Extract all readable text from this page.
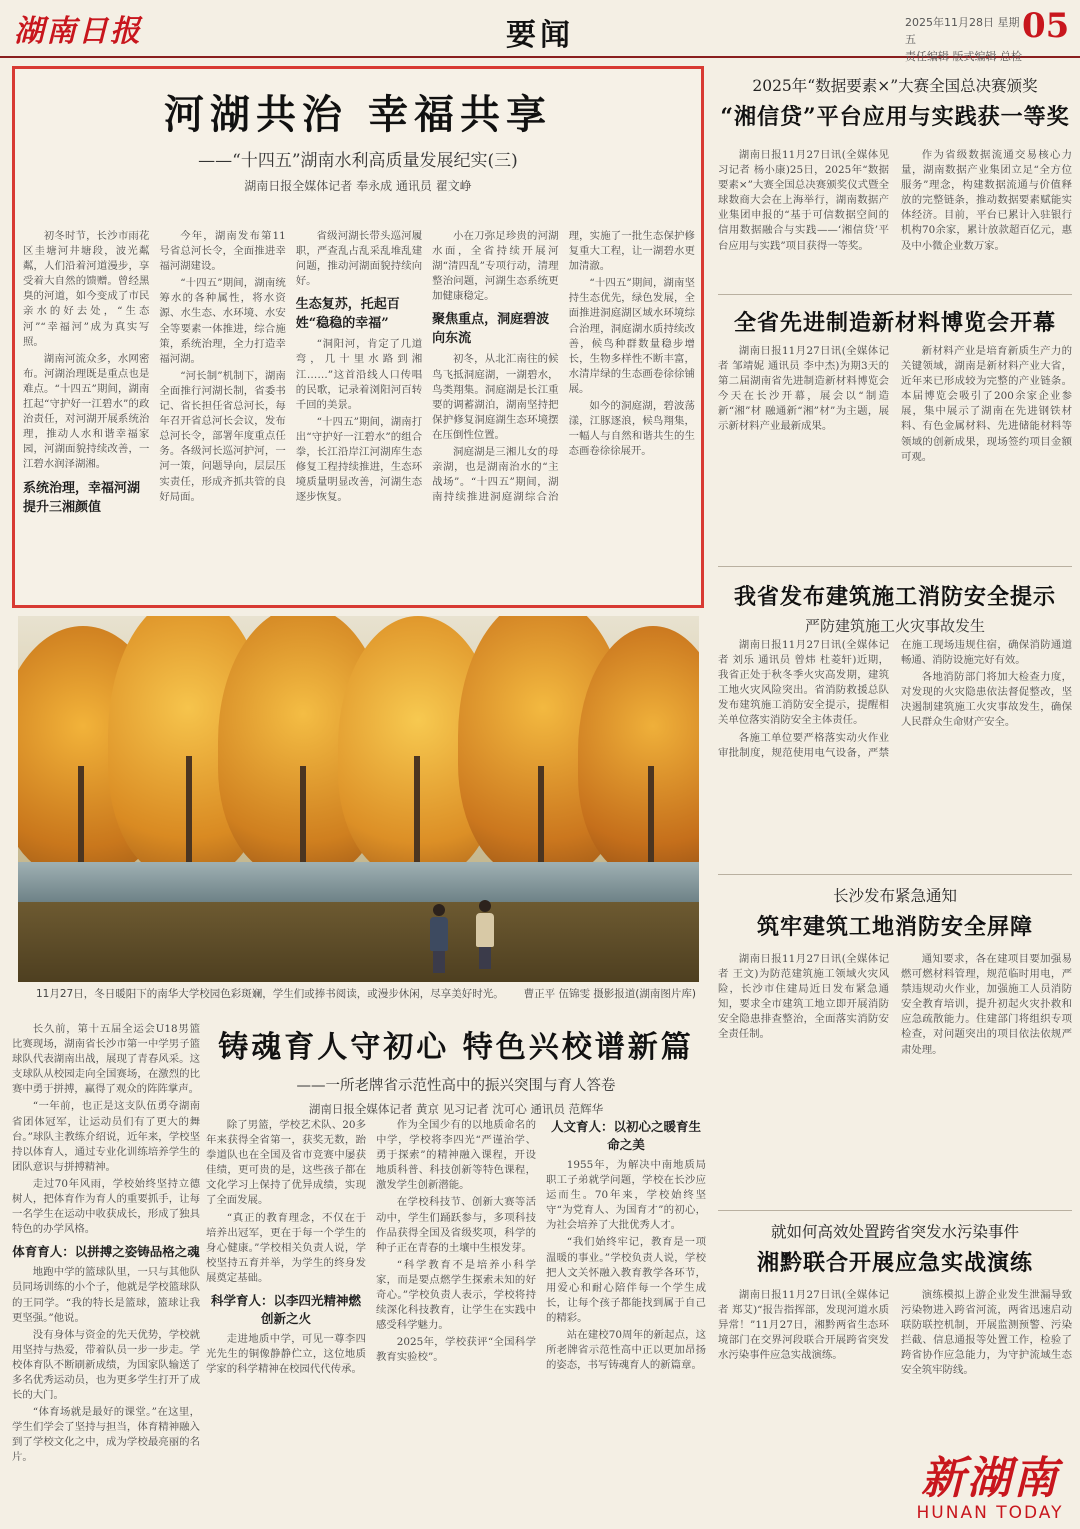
湖南日报	要闻	2025年11月28日 星期五
责任编辑 版式编辑 总检
05
河湖共治 幸福共享
——“十四五”湖南水利高质量发展纪实(三)
湖南日报全媒体记者 奉永成 通讯员 翟文峥

初冬时节，长沙市雨花区圭塘河井塘段，波光粼粼，人们沿着河道漫步，享受着大自然的馈赠。曾经黑臭的河道，如今变成了市民亲水的好去处，“生态河”“幸福河”成为真实写照。

湖南河流众多，水网密布。河湖治理既是重点也是难点。“十四五”期间，湖南扛起“守护好一江碧水”的政治责任，对河湖开展系统治理，推动人水和谐幸福家园，河湖面貌持续改善，一江碧水润泽湖湘。

系统治理，幸福河湖提升三湘颜值

今年，湖南发布第11号省总河长令，全面推进幸福河湖建设。

“十四五”期间，湖南统筹水的各种属性，将水资源、水生态、水环境、水安全等要素一体推进，综合施策，系统治理，全力打造幸福河湖。

“河长制”机制下，湖南全面推行河湖长制，省委书记、省长担任省总河长，每年召开省总河长会议，发布总河长令，部署年度重点任务。各级河长巡河护河，一河一策，问题导向，层层压实责任，形成齐抓共管的良好局面。

省级河湖长带头巡河履职，严查乱占乱采乱堆乱建问题，推动河湖面貌持续向好。

生态复苏，托起百姓“稳稳的幸福”

“洞阳河，肯定了几道弯，几十里水路到湘江……”这首沿线人口传唱的民歌，记录着浏阳河百转千回的美景。

“十四五”期间，湖南打出“守护好一江碧水”的组合拳，长江沿岸江河湖库生态修复工程持续推进，生态环境质量明显改善，河湖生态逐步恢复。

小在刀弥足珍贵的河湖水面，全省持续开展河湖“清四乱”专项行动，清理整治问题，河湖生态系统更加健康稳定。

聚焦重点，洞庭碧波向东流

初冬，从北汇南往的候鸟飞抵洞庭湖，一湖碧水，鸟类翔集。洞庭湖是长江重要的调蓄湖泊，湖南坚持把保护修复洞庭湖生态环境摆在压倒性位置。

洞庭湖是三湘儿女的母亲湖，也是湖南治水的“主战场”。“十四五”期间，湖南持续推进洞庭湖综合治理，实施了一批生态保护修复重大工程，让一湖碧水更加清澈。

“十四五”期间，湖南坚持生态优先，绿色发展，全面推进洞庭湖区域水环境综合治理，洞庭湖水质持续改善，候鸟种群数量稳步增长，生物多样性不断丰富，水清岸绿的生态画卷徐徐铺展。

如今的洞庭湖，碧波荡漾，江豚逐浪，候鸟翔集，一幅人与自然和谐共生的生态画卷徐徐展开。

11月27日，冬日暖阳下的南华大学校园色彩斑斓，学生们或捧书阅读，或漫步休闲，尽享美好时光。 曹正平 伍锦雯 摄影报道(湖南图片库)

长久前，第十五届全运会U18男篮比赛现场，湖南省长沙市第一中学男子篮球队代表湖南出战，展现了青春风采。这支球队从校园走向全国赛场，在激烈的比赛中勇于拼搏，赢得了观众的阵阵掌声。

“一年前，也正是这支队伍勇夺湖南省团体冠军，让运动员们有了更大的舞台。”球队主教练介绍说，近年来，学校坚持以体育人，通过专业化训练培养学生的团队意识与拼搏精神。

走过70年风雨，学校始终坚持立德树人，把体育作为育人的重要抓手，让每一名学生在运动中收获成长，形成了独具特色的办学风格。

体育育人：以拼搏之姿铸品格之魂

地跑中学的篮球队里，一只与其他队员同场训练的小个子，他就是学校篮球队的王同学。“我的特长是篮球，篮球让我更坚强。”他说。

没有身体与资金的先天优势，学校就用坚持与热爱，带着队员一步一步走。学校体育队不断刷新成绩，为国家队输送了多名优秀运动员，也为更多学生打开了成长的大门。

“体育场就是最好的课堂。”在这里，学生们学会了坚持与担当，体育精神融入到了学校文化之中，成为学校最亮丽的名片。

铸魂育人守初心 特色兴校谱新篇
——一所老牌省示范性高中的振兴突围与育人答卷
湖南日报全媒体记者 黄京 见习记者 沈可心 通讯员 范辉华

除了男篮，学校艺术队、20多年来获得全省第一，获奖无数，跆拳道队也在全国及省市竞赛中屡获佳绩，更可贵的是，这些孩子都在文化学习上保持了优异成绩，实现了全面发展。

“真正的教育理念，不仅在于培养出冠军，更在于每一个学生的身心健康。”学校相关负责人说，学校坚持五育并举，为学生的终身发展奠定基础。

科学育人：以李四光精神燃创新之火

走进地质中学，可见一尊李四光先生的铜像静静伫立，这位地质学家的科学精神在校园代代传承。

作为全国少有的以地质命名的中学，学校将李四光“严谨治学、勇于探索”的精神融入课程，开设地质科普、科技创新等特色课程，激发学生创新潜能。

在学校科技节、创新大赛等活动中，学生们踊跃参与，多项科技作品获得全国及省级奖项，科学的种子正在青春的土壤中生根发芽。

“科学教育不是培养小科学家，而是要点燃学生探索未知的好奇心。”学校负责人表示，学校将持续深化科技教育，让学生在实践中感受科学魅力。

2025年，学校获评“全国科学教育实验校”。

人文育人：以初心之暖育生命之美

1955年，为解决中南地质局职工子弟就学问题，学校在长沙应运而生。70年来，学校始终坚守“为党育人、为国育才”的初心，为社会培养了大批优秀人才。

“我们始终牢记，教育是一项温暖的事业。”学校负责人说，学校把人文关怀融入教育教学各环节，用爱心和耐心陪伴每一个学生成长，让每个孩子都能找到属于自己的精彩。

站在建校70周年的新起点，这所老牌省示范性高中正以更加昂扬的姿态，书写铸魂育人的新篇章。

2025年“数据要素×”大赛全国总决赛颁奖
“湘信贷”平台应用与实践获一等奖

湖南日报11月27日讯(全媒体见习记者 杨小康)25日，2025年“数据要素×”大赛全国总决赛颁奖仪式暨全球数商大会在上海举行，湖南数据产业集团申报的“基于可信数据空间的信用数据融合与实践——‘湘信贷’平台应用与实践”项目获得一等奖。

作为省级数据流通交易核心力量，湖南数据产业集团立足“全方位服务”理念，构建数据流通与价值释放的完整链条，推动数据要素赋能实体经济。目前，平台已累计入驻银行机构70余家，累计放款超百亿元，惠及中小微企业数万家。

全省先进制造新材料博览会开幕

湖南日报11月27日讯(全媒体记者 邹靖妮 通讯员 李中杰)为期3天的第二届湖南省先进制造新材料博览会今天在长沙开幕，展会以“制造新“湘”材 融通新“湘”材”为主题，展示新材料产业最新成果。

新材料产业是培育新质生产力的关键领域，湖南是新材料产业大省，近年来已形成较为完整的产业链条。本届博览会吸引了200余家企业参展，集中展示了湖南在先进钢铁材料、有色金属材料、先进储能材料等领域的创新成果，现场签约项目金额可观。

我省发布建筑施工消防安全提示
严防建筑施工火灾事故发生

湖南日报11月27日讯(全媒体记者 刘乐 通讯员 曾炜 杜菱轩)近期，我省正处于秋冬季火灾高发期，建筑工地火灾风险突出。省消防救援总队发布建筑施工消防安全提示，提醒相关单位落实消防安全主体责任。

各施工单位要严格落实动火作业审批制度，规范使用电气设备，严禁在施工现场违规住宿，确保消防通道畅通、消防设施完好有效。

各地消防部门将加大检查力度，对发现的火灾隐患依法督促整改，坚决遏制建筑施工火灾事故发生，确保人民群众生命财产安全。

长沙发布紧急通知
筑牢建筑工地消防安全屏障

湖南日报11月27日讯(全媒体记者 王文)为防范建筑施工领域火灾风险，长沙市住建局近日发布紧急通知，要求全市建筑工地立即开展消防安全隐患排查整治，全面落实消防安全责任制。

通知要求，各在建项目要加强易燃可燃材料管理，规范临时用电，严禁违规动火作业，加强施工人员消防安全教育培训，提升初起火灾扑救和应急疏散能力。住建部门将组织专项检查，对问题突出的项目依法依规严肃处理。

就如何高效处置跨省突发水污染事件
湘黔联合开展应急实战演练

湖南日报11月27日讯(全媒体记者 郑艾)“报告指挥部，发现河道水质异常！”11月27日，湘黔两省生态环境部门在交界河段联合开展跨省突发水污染事件应急实战演练。

演练模拟上游企业发生泄漏导致污染物进入跨省河流，两省迅速启动联防联控机制，开展监测预警、污染拦截、信息通报等处置工作，检验了跨省协作应急能力，为守护流域生态安全筑牢防线。

新湖南
HUNAN TODAY
